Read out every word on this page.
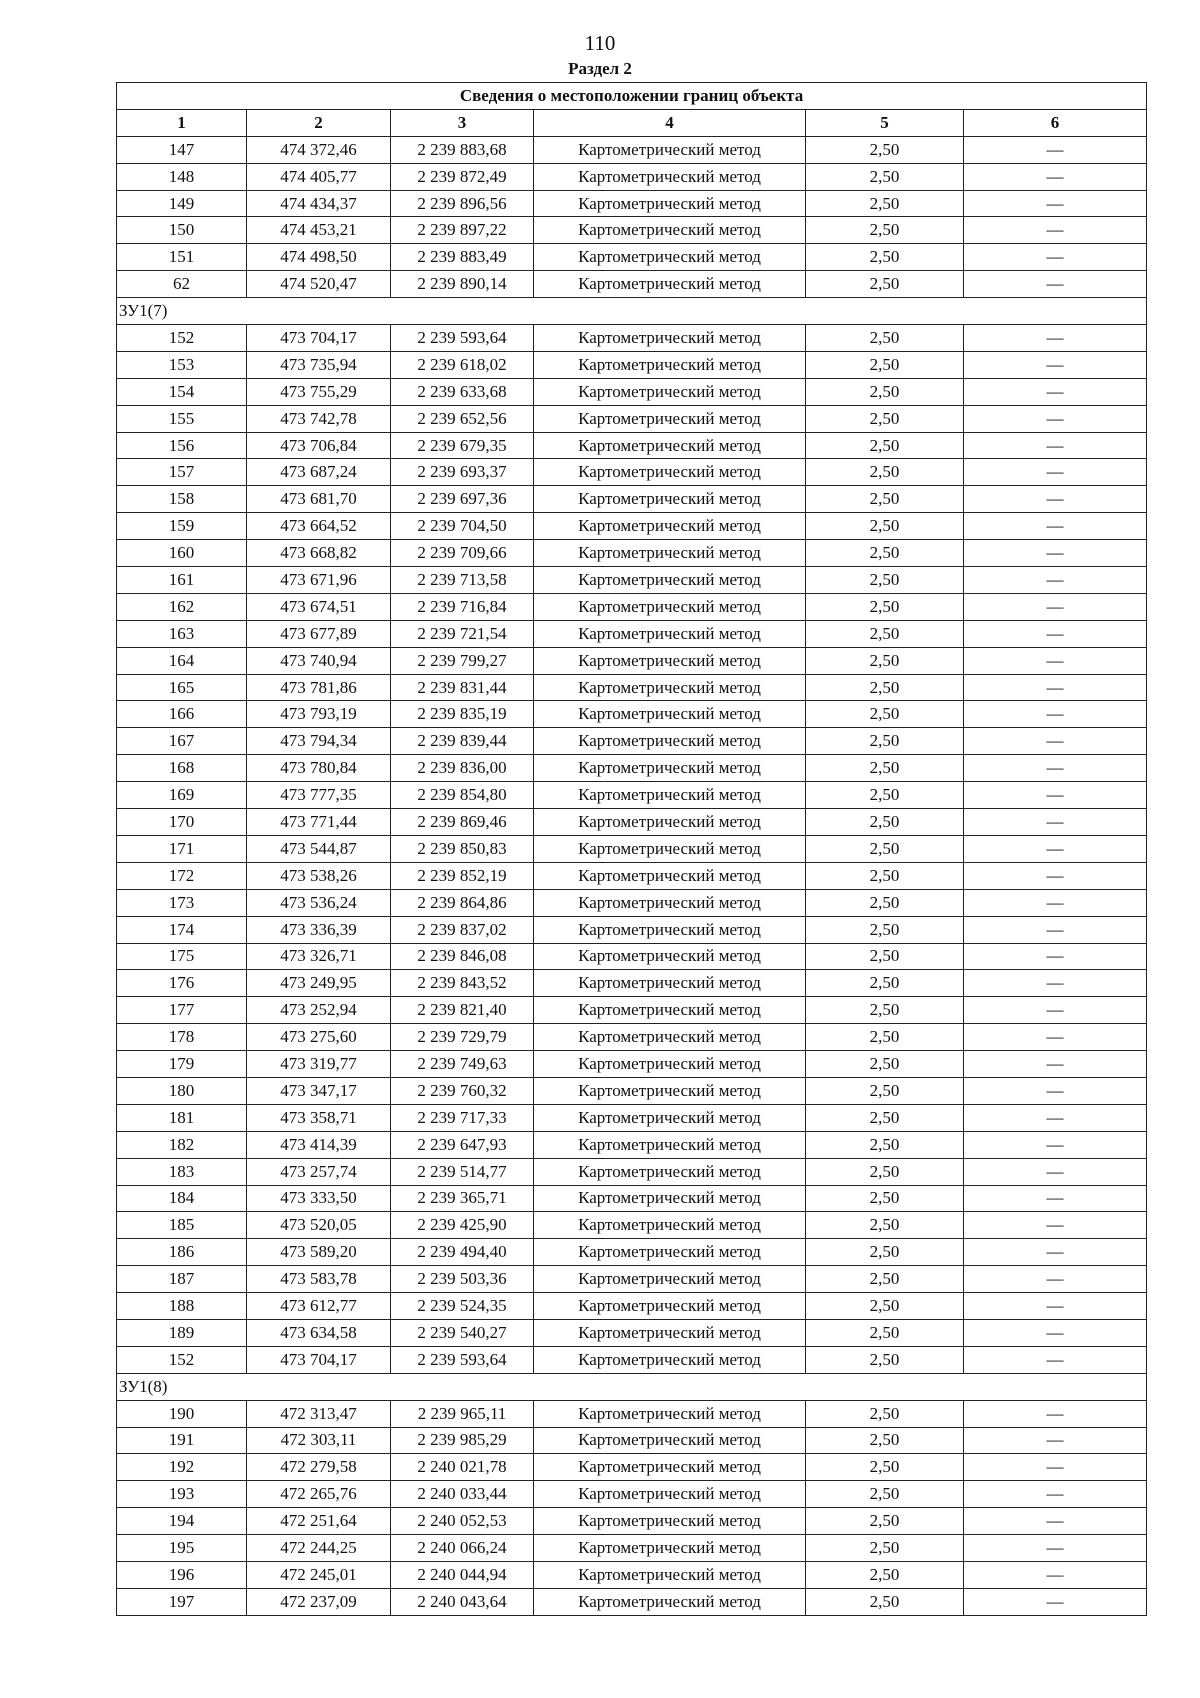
110
Раздел 2
Сведения о местоположении границ объекта					
1	2	3	4	5	6
147	474 372,46	2 239 883,68	Картометрический метод	2,50	—
148	474 405,77	2 239 872,49	Картометрический метод	2,50	—
149	474 434,37	2 239 896,56	Картометрический метод	2,50	—
150	474 453,21	2 239 897,22	Картометрический метод	2,50	—
151	474 498,50	2 239 883,49	Картометрический метод	2,50	—
62	474 520,47	2 239 890,14	Картометрический метод	2,50	—
ЗУ1(7)					
152	473 704,17	2 239 593,64	Картометрический метод	2,50	—
153	473 735,94	2 239 618,02	Картометрический метод	2,50	—
154	473 755,29	2 239 633,68	Картометрический метод	2,50	—
155	473 742,78	2 239 652,56	Картометрический метод	2,50	—
156	473 706,84	2 239 679,35	Картометрический метод	2,50	—
157	473 687,24	2 239 693,37	Картометрический метод	2,50	—
158	473 681,70	2 239 697,36	Картометрический метод	2,50	—
159	473 664,52	2 239 704,50	Картометрический метод	2,50	—
160	473 668,82	2 239 709,66	Картометрический метод	2,50	—
161	473 671,96	2 239 713,58	Картометрический метод	2,50	—
162	473 674,51	2 239 716,84	Картометрический метод	2,50	—
163	473 677,89	2 239 721,54	Картометрический метод	2,50	—
164	473 740,94	2 239 799,27	Картометрический метод	2,50	—
165	473 781,86	2 239 831,44	Картометрический метод	2,50	—
166	473 793,19	2 239 835,19	Картометрический метод	2,50	—
167	473 794,34	2 239 839,44	Картометрический метод	2,50	—
168	473 780,84	2 239 836,00	Картометрический метод	2,50	—
169	473 777,35	2 239 854,80	Картометрический метод	2,50	—
170	473 771,44	2 239 869,46	Картометрический метод	2,50	—
171	473 544,87	2 239 850,83	Картометрический метод	2,50	—
172	473 538,26	2 239 852,19	Картометрический метод	2,50	—
173	473 536,24	2 239 864,86	Картометрический метод	2,50	—
174	473 336,39	2 239 837,02	Картометрический метод	2,50	—
175	473 326,71	2 239 846,08	Картометрический метод	2,50	—
176	473 249,95	2 239 843,52	Картометрический метод	2,50	—
177	473 252,94	2 239 821,40	Картометрический метод	2,50	—
178	473 275,60	2 239 729,79	Картометрический метод	2,50	—
179	473 319,77	2 239 749,63	Картометрический метод	2,50	—
180	473 347,17	2 239 760,32	Картометрический метод	2,50	—
181	473 358,71	2 239 717,33	Картометрический метод	2,50	—
182	473 414,39	2 239 647,93	Картометрический метод	2,50	—
183	473 257,74	2 239 514,77	Картометрический метод	2,50	—
184	473 333,50	2 239 365,71	Картометрический метод	2,50	—
185	473 520,05	2 239 425,90	Картометрический метод	2,50	—
186	473 589,20	2 239 494,40	Картометрический метод	2,50	—
187	473 583,78	2 239 503,36	Картометрический метод	2,50	—
188	473 612,77	2 239 524,35	Картометрический метод	2,50	—
189	473 634,58	2 239 540,27	Картометрический метод	2,50	—
152	473 704,17	2 239 593,64	Картометрический метод	2,50	—
ЗУ1(8)					
190	472 313,47	2 239 965,11	Картометрический метод	2,50	—
191	472 303,11	2 239 985,29	Картометрический метод	2,50	—
192	472 279,58	2 240 021,78	Картометрический метод	2,50	—
193	472 265,76	2 240 033,44	Картометрический метод	2,50	—
194	472 251,64	2 240 052,53	Картометрический метод	2,50	—
195	472 244,25	2 240 066,24	Картометрический метод	2,50	—
196	472 245,01	2 240 044,94	Картометрический метод	2,50	—
197	472 237,09	2 240 043,64	Картометрический метод	2,50	—
